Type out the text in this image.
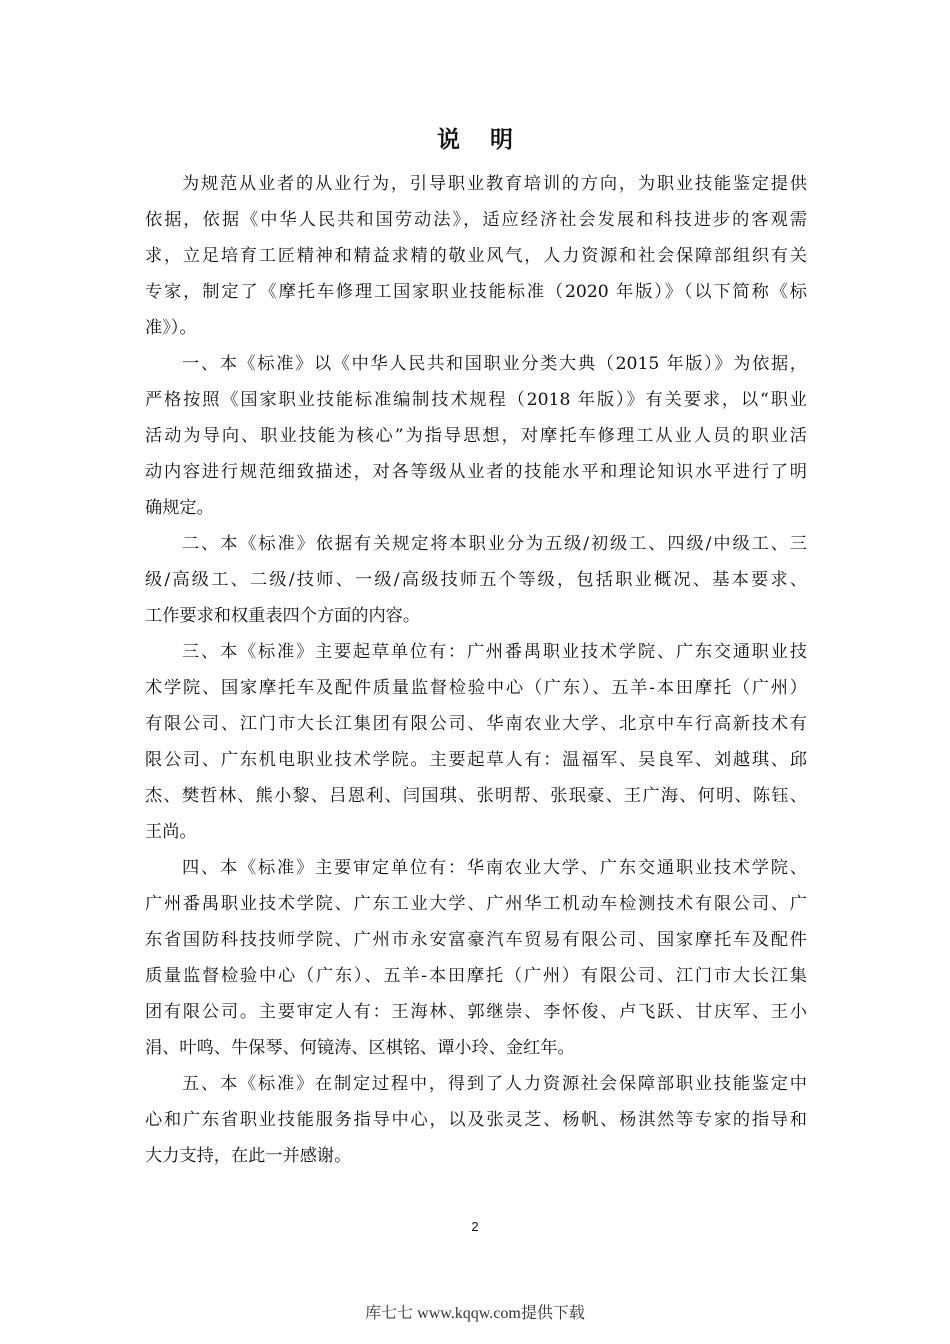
说明
为规范从业者的从业行为，引导职业教育培训的方向，为职业技能鉴定提供
依据，依据《中华人民共和国劳动法》，适应经济社会发展和科技进步的客观需
求，立足培育工匠精神和精益求精的敬业风气，人力资源和社会保障部组织有关
专家，制定了《摩托车修理工国家职业技能标准（2020 年版）》（以下简称《标
准》）。
一、本《标准》以《中华人民共和国职业分类大典（2015 年版）》为依据，
严格按照《国家职业技能标准编制技术规程（2018 年版）》有关要求，以“职业
活动为导向、职业技能为核心”为指导思想，对摩托车修理工从业人员的职业活
动内容进行规范细致描述，对各等级从业者的技能水平和理论知识水平进行了明
确规定。
二、本《标准》依据有关规定将本职业分为五级/初级工、四级/中级工、三
级/高级工、二级/技师、一级/高级技师五个等级，包括职业概况、基本要求、
工作要求和权重表四个方面的内容。
三、本《标准》主要起草单位有：广州番禺职业技术学院、广东交通职业技
术学院、国家摩托车及配件质量监督检验中心（广东）、五羊-本田摩托（广州）
有限公司、江门市大长江集团有限公司、华南农业大学、北京中车行高新技术有
限公司、广东机电职业技术学院。主要起草人有：温福军、吴良军、刘越琪、邱
杰、樊哲林、熊小黎、吕恩利、闫国琪、张明帮、张珉豪、王广海、何明、陈钰、
王尚。
四、本《标准》主要审定单位有：华南农业大学、广东交通职业技术学院、
广州番禺职业技术学院、广东工业大学、广州华工机动车检测技术有限公司、广
东省国防科技技师学院、广州市永安富豪汽车贸易有限公司、国家摩托车及配件
质量监督检验中心（广东）、五羊-本田摩托（广州）有限公司、江门市大长江集
团有限公司。主要审定人有：王海林、郭继崇、李怀俊、卢飞跃、甘庆军、王小
涓、叶鸣、牛保琴、何镜涛、区棋铭、谭小玲、金红年。
五、本《标准》在制定过程中，得到了人力资源社会保障部职业技能鉴定中
心和广东省职业技能服务指导中心，以及张灵芝、杨帆、杨淇然等专家的指导和
大力支持，在此一并感谢。
2
库七七 www.kqqw.com提供下载
